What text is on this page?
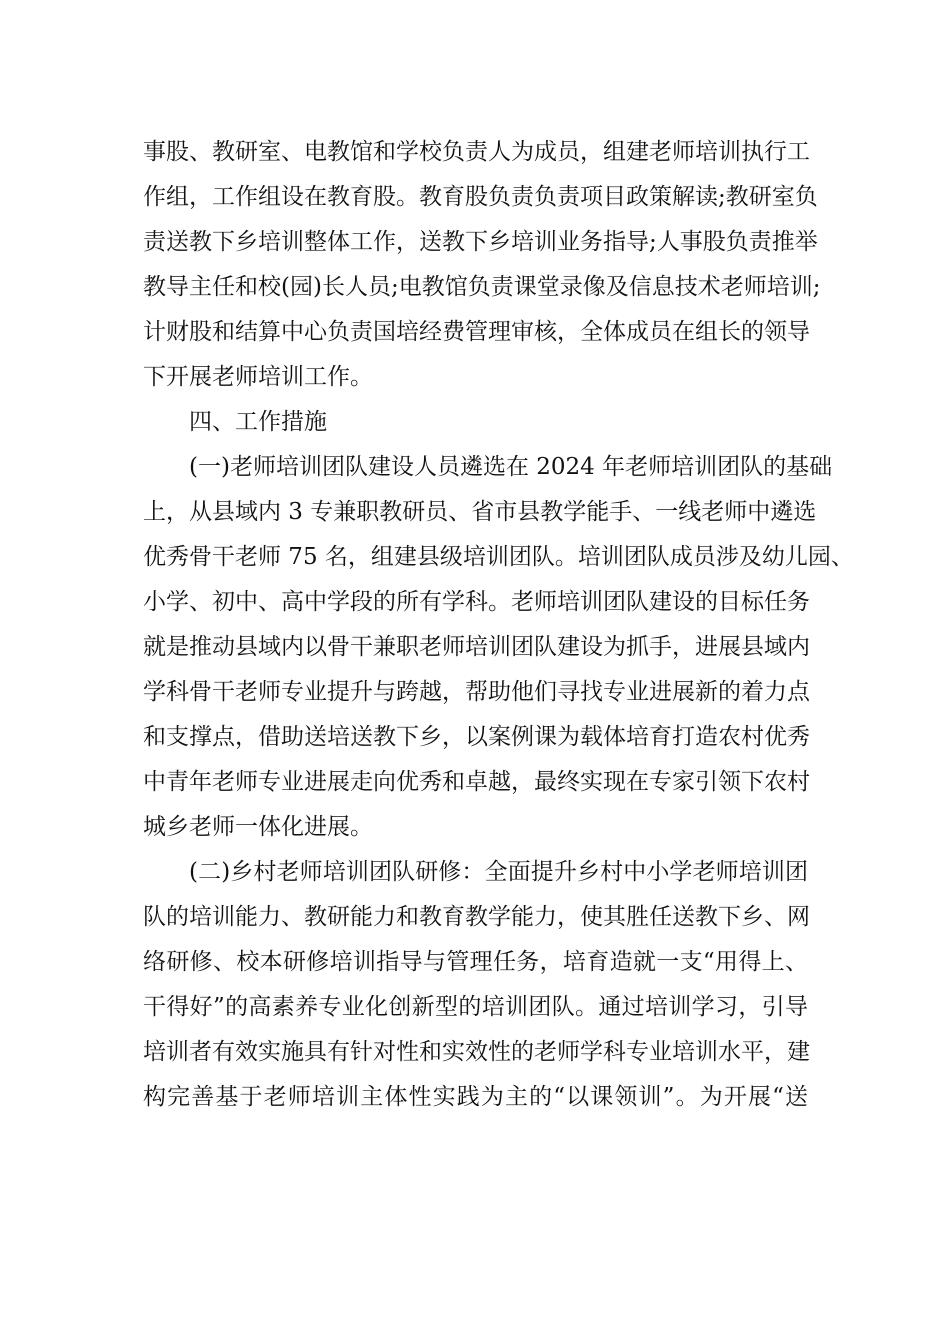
事股、教研室、电教馆和学校负责人为成员，组建老师培训执行工
作组，工作组设在教育股。教育股负责负责项目政策解读;教研室负
责送教下乡培训整体工作，送教下乡培训业务指导;人事股负责推举
教导主任和校(园)长人员;电教馆负责课堂录像及信息技术老师培训;
计财股和结算中心负责国培经费管理审核，全体成员在组长的领导
下开展老师培训工作。
四、工作措施
(一)老师培训团队建设人员遴选在 2024 年老师培训团队的基础
上，从县域内 3 专兼职教研员、省市县教学能手、一线老师中遴选
优秀骨干老师 75 名，组建县级培训团队。培训团队成员涉及幼儿园、
小学、初中、高中学段的所有学科。老师培训团队建设的目标任务
就是推动县域内以骨干兼职老师培训团队建设为抓手，进展县域内
学科骨干老师专业提升与跨越，帮助他们寻找专业进展新的着力点
和支撑点，借助送培送教下乡，以案例课为载体培育打造农村优秀
中青年老师专业进展走向优秀和卓越，最终实现在专家引领下农村
城乡老师一体化进展。
(二)乡村老师培训团队研修：全面提升乡村中小学老师培训团
队的培训能力、教研能力和教育教学能力，使其胜任送教下乡、网
络研修、校本研修培训指导与管理任务，培育造就一支“用得上、
干得好”的高素养专业化创新型的培训团队。通过培训学习，引导
培训者有效实施具有针对性和实效性的老师学科专业培训水平，建
构完善基于老师培训主体性实践为主的“以课领训”。为开展“送
